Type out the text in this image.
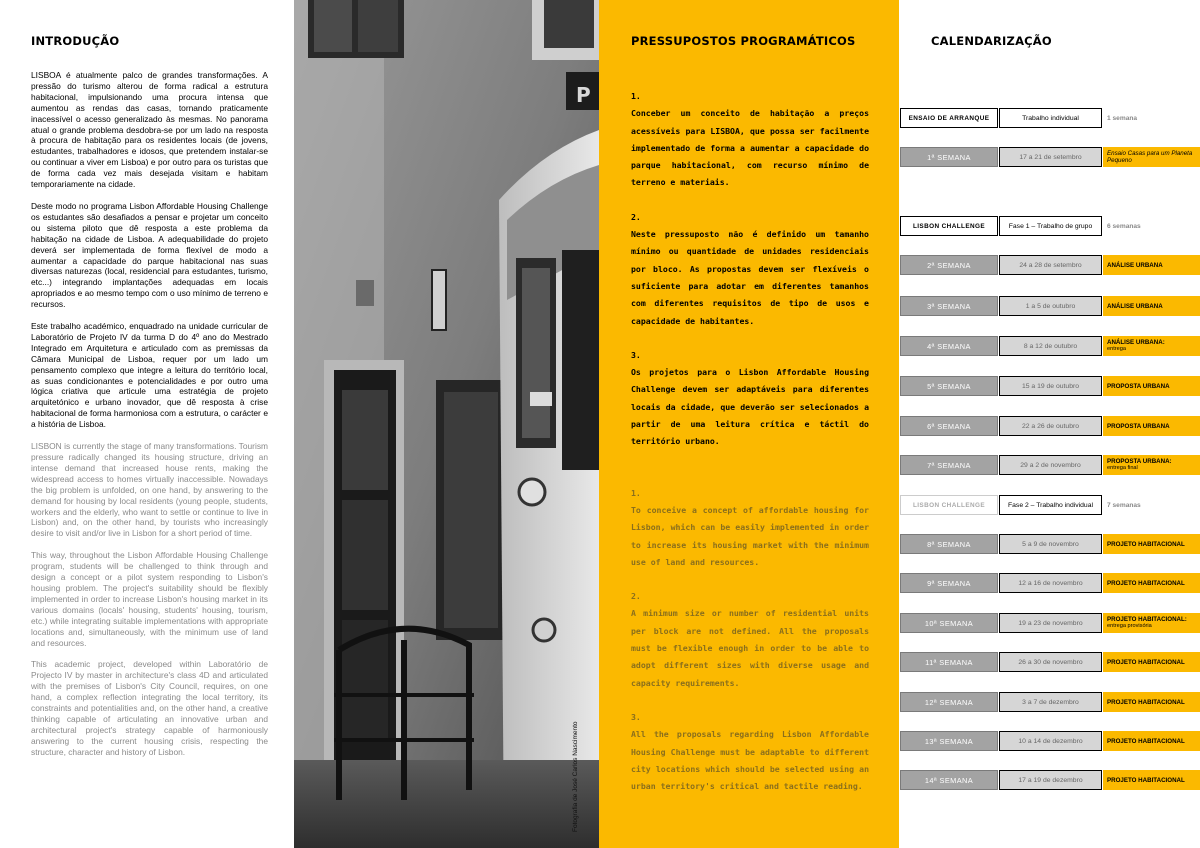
INTRODUÇÃO

LISBOA é atualmente palco de grandes transformações. A pressão do turismo alterou de forma radical a estrutura habitacional, impulsionando uma procura intensa que aumentou as rendas das casas, tornando praticamente inacessível o acesso generalizado às mesmas. No panorama atual o grande problema desdobra-se por um lado na resposta à procura de habitação para os residentes locais (de jovens, estudantes, trabalhadores e idosos, que pretendem instalar-se ou continuar a viver em Lisboa) e por outro para os turistas que de forma cada vez mais desejada visitam e habitam temporariamente na cidade.

Deste modo no programa Lisbon Affordable Housing Challenge os estudantes são desafiados a pensar e projetar um conceito ou sistema piloto que dê resposta a este problema da habitação na cidade de Lisboa. A adequabilidade do projeto deverá ser implementada de forma flexível de modo a aumentar a capacidade do parque habitacional nas suas diversas naturezas (local, residencial para estudantes, turismo, etc...) integrando implantações adequadas em locais apropriados e ao mesmo tempo com o uso mínimo de terreno e recursos.

Este trabalho académico, enquadrado na unidade curricular de Laboratório de Projeto IV da turma D do 4º ano do Mestrado Integrado em Arquitetura e articulado com as premissas da Câmara Municipal de Lisboa, requer por um lado um pensamento complexo que integre a leitura do território local, as suas condicionantes e potencialidades e por outro uma lógica criativa que articule uma estratégia de projeto arquitetónico e urbano inovador, que dê resposta à crise habitacional de forma harmoniosa com a estrutura, o carácter e a história de Lisboa.

LISBON is currently the stage of many transformations. Tourism pressure radically changed its housing structure, driving an intense demand that increased house rents, making the widespread access to homes virtually inaccessible. Nowadays the big problem is unfolded, on one hand, by answering to the demand for housing by local residents (young people, students, workers and the elderly, who want to settle or continue to live in Lisbon) and, on the other hand, by tourists who increasingly desire to visit and/or live in Lisbon for a short period of time.

This way, throughout the Lisbon Affordable Housing Challenge program, students will be challenged to think through and design a concept or a pilot system responding to Lisbon's housing problem. The project's suitability should be flexibly implemented in order to increase Lisbon's housing market in its various domains (locals' housing, students' housing, tourism, etc.) while integrating suitable implementations with appropriate locations and, simultaneously, with the minimum use of land and resources.

This academic project, developed within Laboratório de Projecto IV by master in architecture's class 4D and articulated with the premises of Lisbon's City Council, requires, on one hand, a complex reflection integrating the local territory, its constraints and potentialities and, on the other hand, a creative thinking capable of articulating an innovative urban and architectural project's strategy capable of harmoniously answering to the current housing crisis, respecting the structure, character and history of Lisbon.

P
Fotografia de José Carlos Nascimento
PRESSUPOSTOS PROGRAMÁTICOS
1.
Conceber um conceito de habitação a preços acessíveis para LISBOA, que possa ser facilmente implementado de forma a aumentar a capacidade do parque habitacional, com recurso mínimo de terreno e materiais.
2.
Neste pressuposto não é definido um tamanho mínimo ou quantidade de unidades residenciais por bloco. As propostas devem ser flexíveis o suficiente para adotar em diferentes tamanhos com diferentes requisitos de tipo de usos e capacidade de habitantes.
3.
Os projetos para o Lisbon Affordable Housing Challenge devem ser adaptáveis para diferentes locais da cidade, que deverão ser selecionados a partir de uma leitura crítica e táctil do território urbano.
1.
To conceive a concept of affordable housing for Lisbon, which can be easily implemented in order to increase its housing market with the minimum use of land and resources.
2.
A minimum size or number of residential units per block are not defined. All the proposals must be flexible enough in order to be able to adopt different sizes with diverse usage and capacity requirements.
3.
All the proposals regarding Lisbon Affordable Housing Challenge must be adaptable to different city locations which should be selected using an urban territory's critical and tactile reading.
CALENDARIZAÇÃO
ENSAIO DE ARRANQUE	Trabalho individual	1 semana
1ª SEMANA	17 a 21 de setembro	Ensaio Casas para um Planeta Pequeno
LISBON CHALLENGE	Fase 1 – Trabalho de grupo	6 semanas
2ª SEMANA	24 a 28 de setembro	ANÁLISE URBANA
3ª SEMANA	1 a 5 de outubro	ANÁLISE URBANA
4ª SEMANA	8 a 12 de outubro	ANÁLISE URBANA:
entrega
5ª SEMANA	15 a 19 de outubro	PROPOSTA URBANA
6ª SEMANA	22 a 26 de outubro	PROPOSTA URBANA
7ª SEMANA	29 a 2 de novembro	PROPOSTA URBANA:
entrega final
LISBON CHALLENGE	Fase 2 – Trabalho individual	7 semanas
8ª SEMANA	5 a 9 de novembro	PROJETO HABITACIONAL
9ª SEMANA	12 a 16 de novembro	PROJETO HABITACIONAL
10ª SEMANA	19 a 23 de novembro	PROJETO HABITACIONAL:
entrega provisória
11ª SEMANA	26 a 30 de novembro	PROJETO HABITACIONAL
12ª SEMANA	3 a 7 de dezembro	PROJETO HABITACIONAL
13ª SEMANA	10 a 14 de dezembro	PROJETO HABITACIONAL
14ª SEMANA	17 a 19 de dezembro	PROJETO HABITACIONAL
